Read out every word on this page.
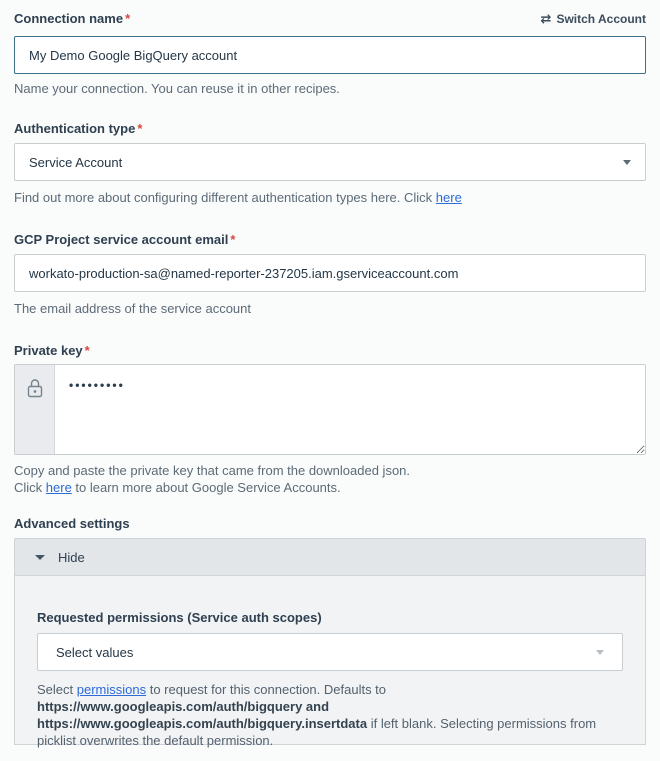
Connection name *	⇄ Switch Account
My Demo Google BigQuery account
Name your connection. You can reuse it in other recipes.
Authentication type *
Service Account
Find out more about configuring different authentication types here. Click here
GCP Project service account email *
workato-production-sa@named-reporter-237205.iam.gserviceaccount.com
The email address of the service account
Private key *
•••••••••
Copy and paste the private key that came from the downloaded json.
Click here to learn more about Google Service Accounts.
Advanced settings
Hide
Requested permissions (Service auth scopes)
Select values
Select permissions to request for this connection. Defaults to https://www.googleapis.com/auth/bigquery and https://www.googleapis.com/auth/bigquery.insertdata if left blank. Selecting permissions from picklist overwrites the default permission.
